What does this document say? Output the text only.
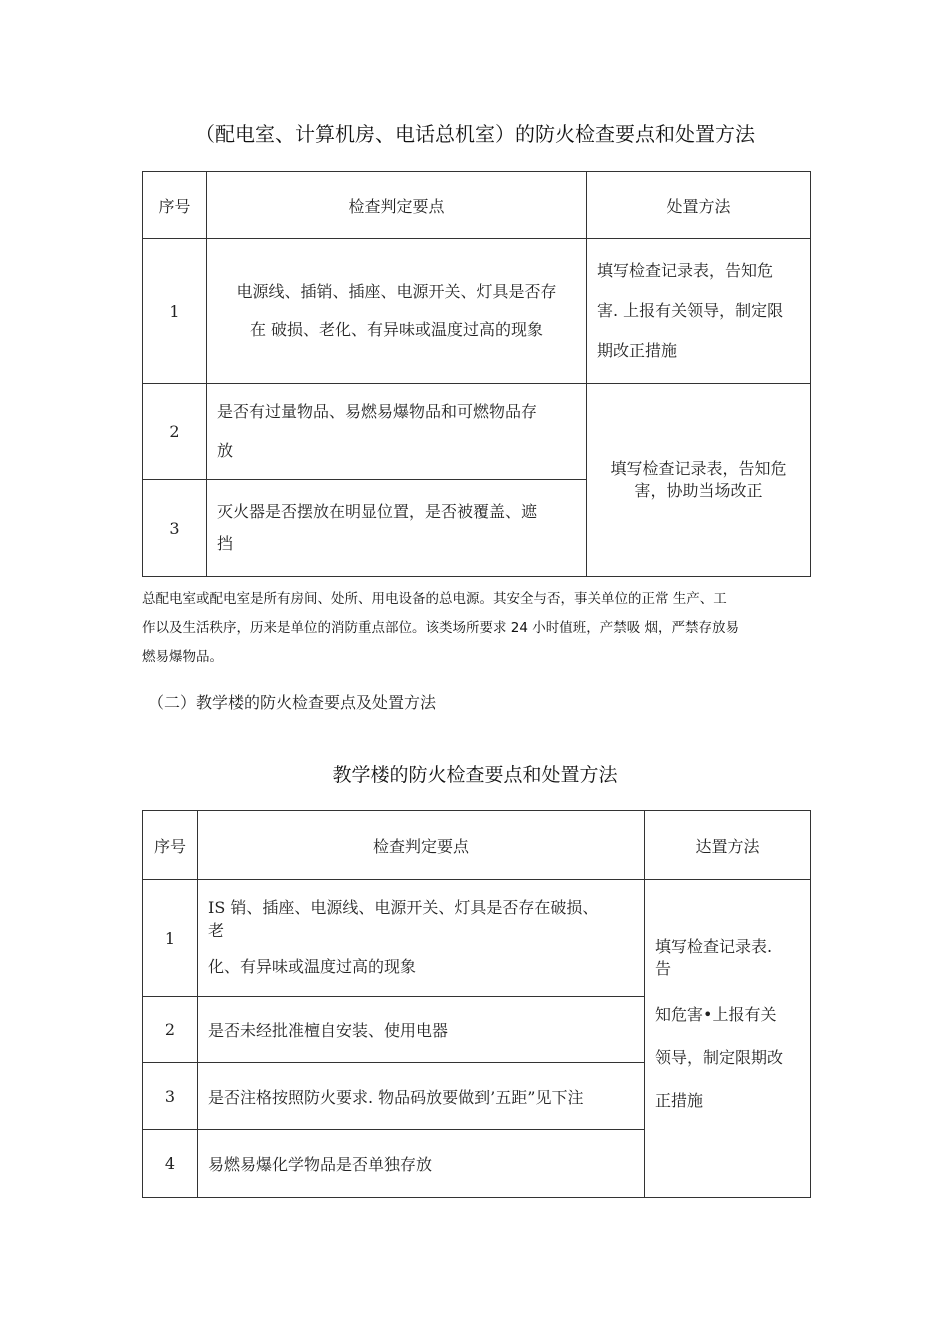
（配电室、计算机房、电话总机室）的防火检查要点和处置方法
序号	检查判定要点	处置方法
1	电源线、插销、插座、电源开关、灯具是否存
在 破损、老化、有异味或温度过高的现象	填写检查记录表，告知危
害. 上报有关领导，制定限
期改正措施

2	是否有过量物品、易燃易爆物品和可燃物品存
放	填写检查记录表，告知危
害，协助当场改正

3	灭火器是否摆放在明显位置，是否被覆盖、遮
挡	
总配电室或配电室是所有房间、处所、用电设备的总电源。其安全与否，事关单位的正常 生产、工
作以及生活秩序，历来是单位的消防重点部位。该类场所要求 24 小时值班，产禁吸 烟，严禁存放易
燃易爆物品。
（二）教学楼的防火检查要点及处置方法
教学楼的防火检查要点和处置方法
序号	检查判定要点	达置方法
1	IS 销、插座、电源线、电源开关、灯具是否存在破损、
老
化、有异味或温度过高的现象	填写检查记录表.
告
知危害•上报有关
领导，制定限期改
正措施

2	是否未经批准檀自安装、使用电器	

3	是否注格按照防火要求. 物品码放要做到’五距”见下注	

4	易燃易爆化学物品是否单独存放	
